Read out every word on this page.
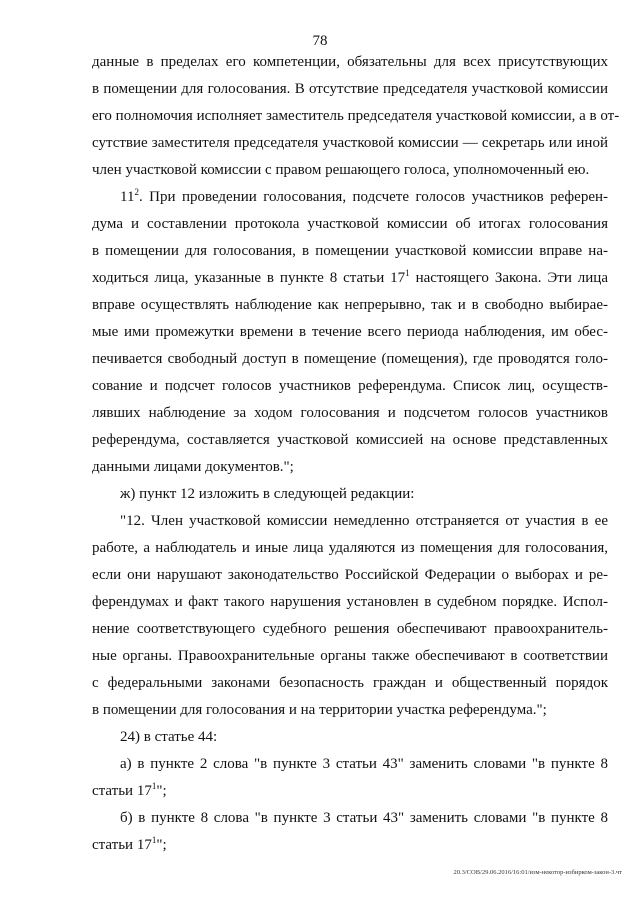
78
данные в пределах его компетенции, обязательны для всех присутствующих
в помещении для голосования. В отсутствие председателя участковой комиссии
его полномочия исполняет заместитель председателя участковой комиссии, а в от-
сутствие заместителя председателя участковой комиссии — секретарь или иной
член участковой комиссии с правом решающего голоса, уполномоченный ею.
$11^2$. При проведении голосования, подсчете голосов участников референ-
дума и составлении протокола участковой комиссии об итогах голосования
в помещении для голосования, в помещении участковой комиссии вправе на-
ходиться лица, указанные в пункте 8 статьи $17^1$ настоящего Закона. Эти лица
вправе осуществлять наблюдение как непрерывно, так и в свободно выбирае-
мые ими промежутки времени в течение всего периода наблюдения, им обес-
печивается свободный доступ в помещение (помещения), где проводятся голо-
сование и подсчет голосов участников референдума. Список лиц, осуществ-
лявших наблюдение за ходом голосования и подсчетом голосов участников
референдума, составляется участковой комиссией на основе представленных
данными лицами документов.";
ж) пункт 12 изложить в следующей редакции:
"12. Член участковой комиссии немедленно отстраняется от участия в ее
работе, а наблюдатель и иные лица удаляются из помещения для голосования,
если они нарушают законодательство Российской Федерации о выборах и ре-
ферендумах и факт такого нарушения установлен в судебном порядке. Испол-
нение соответствующего судебного решения обеспечивают правоохранитель-
ные органы. Правоохранительные органы также обеспечивают в соответствии
с федеральными законами безопасность граждан и общественный порядок
в помещении для голосования и на территории участка референдума.";
24) в статье 44:
а) в пункте 2 слова "в пункте 3 статьи 43" заменить словами "в пункте 8
статьи $17^1$";
б) в пункте 8 слова "в пункте 3 статьи 43" заменить словами "в пункте 8
статьи $17^1$";
20.3/СОВ/29.06.2016/16:01/изм-некотор-избирком-закон-3.чт
